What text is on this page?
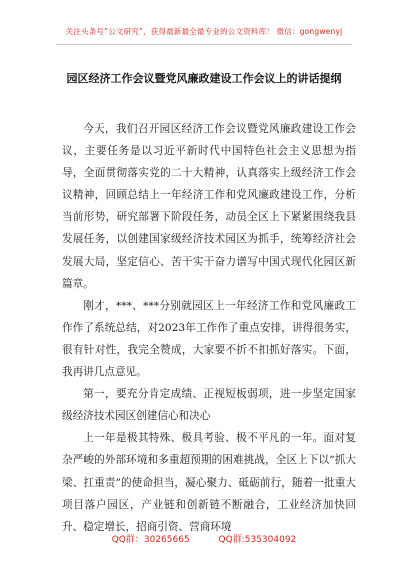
关注头条号“公文研究”，获得最新最全最专业的公文资料库！ 微信：gongwenyj
园区经济工作会议暨党风廉政建设工作会议上的讲话提纲

今天，我们召开园区经济工作会议暨党风廉政建设工作会议，主要任务是以习近平新时代中国特色社会主义思想为指导，全面贯彻落实党的二十大精神，认真落实上级经济工作会议精神，回顾总结上一年经济工作和党风廉政建设工作，分析当前形势，研究部署下阶段任务，动员全区上下紧紧围绕我县发展任务，以创建国家级经济技术园区为抓手，统筹经济社会发展大局，坚定信心、苦干实干奋力谱写中国式现代化园区新篇章。

刚才，***、***分别就园区上一年经济工作和党风廉政工作作了系统总结，对2023年工作作了重点安排，讲得很务实，很有针对性，我完全赞成，大家要不折不扣抓好落实。下面，我再讲几点意见。

第一，要充分肯定成绩、正视短板弱项，进一步坚定国家级经济技术园区创建信心和决心

上一年是极其特殊、极具考验、极不平凡的一年。面对复杂严峻的外部环境和多重超预期的困难挑战，全区上下以“抓大梁、扛重责”的使命担当，凝心聚力、砥砺前行，随着一批重大项目落户园区，产业链和创新链不断融合，工业经济加快回升、稳定增长，招商引资、营商环境

QQ群：30265665 QQ群:535304092
